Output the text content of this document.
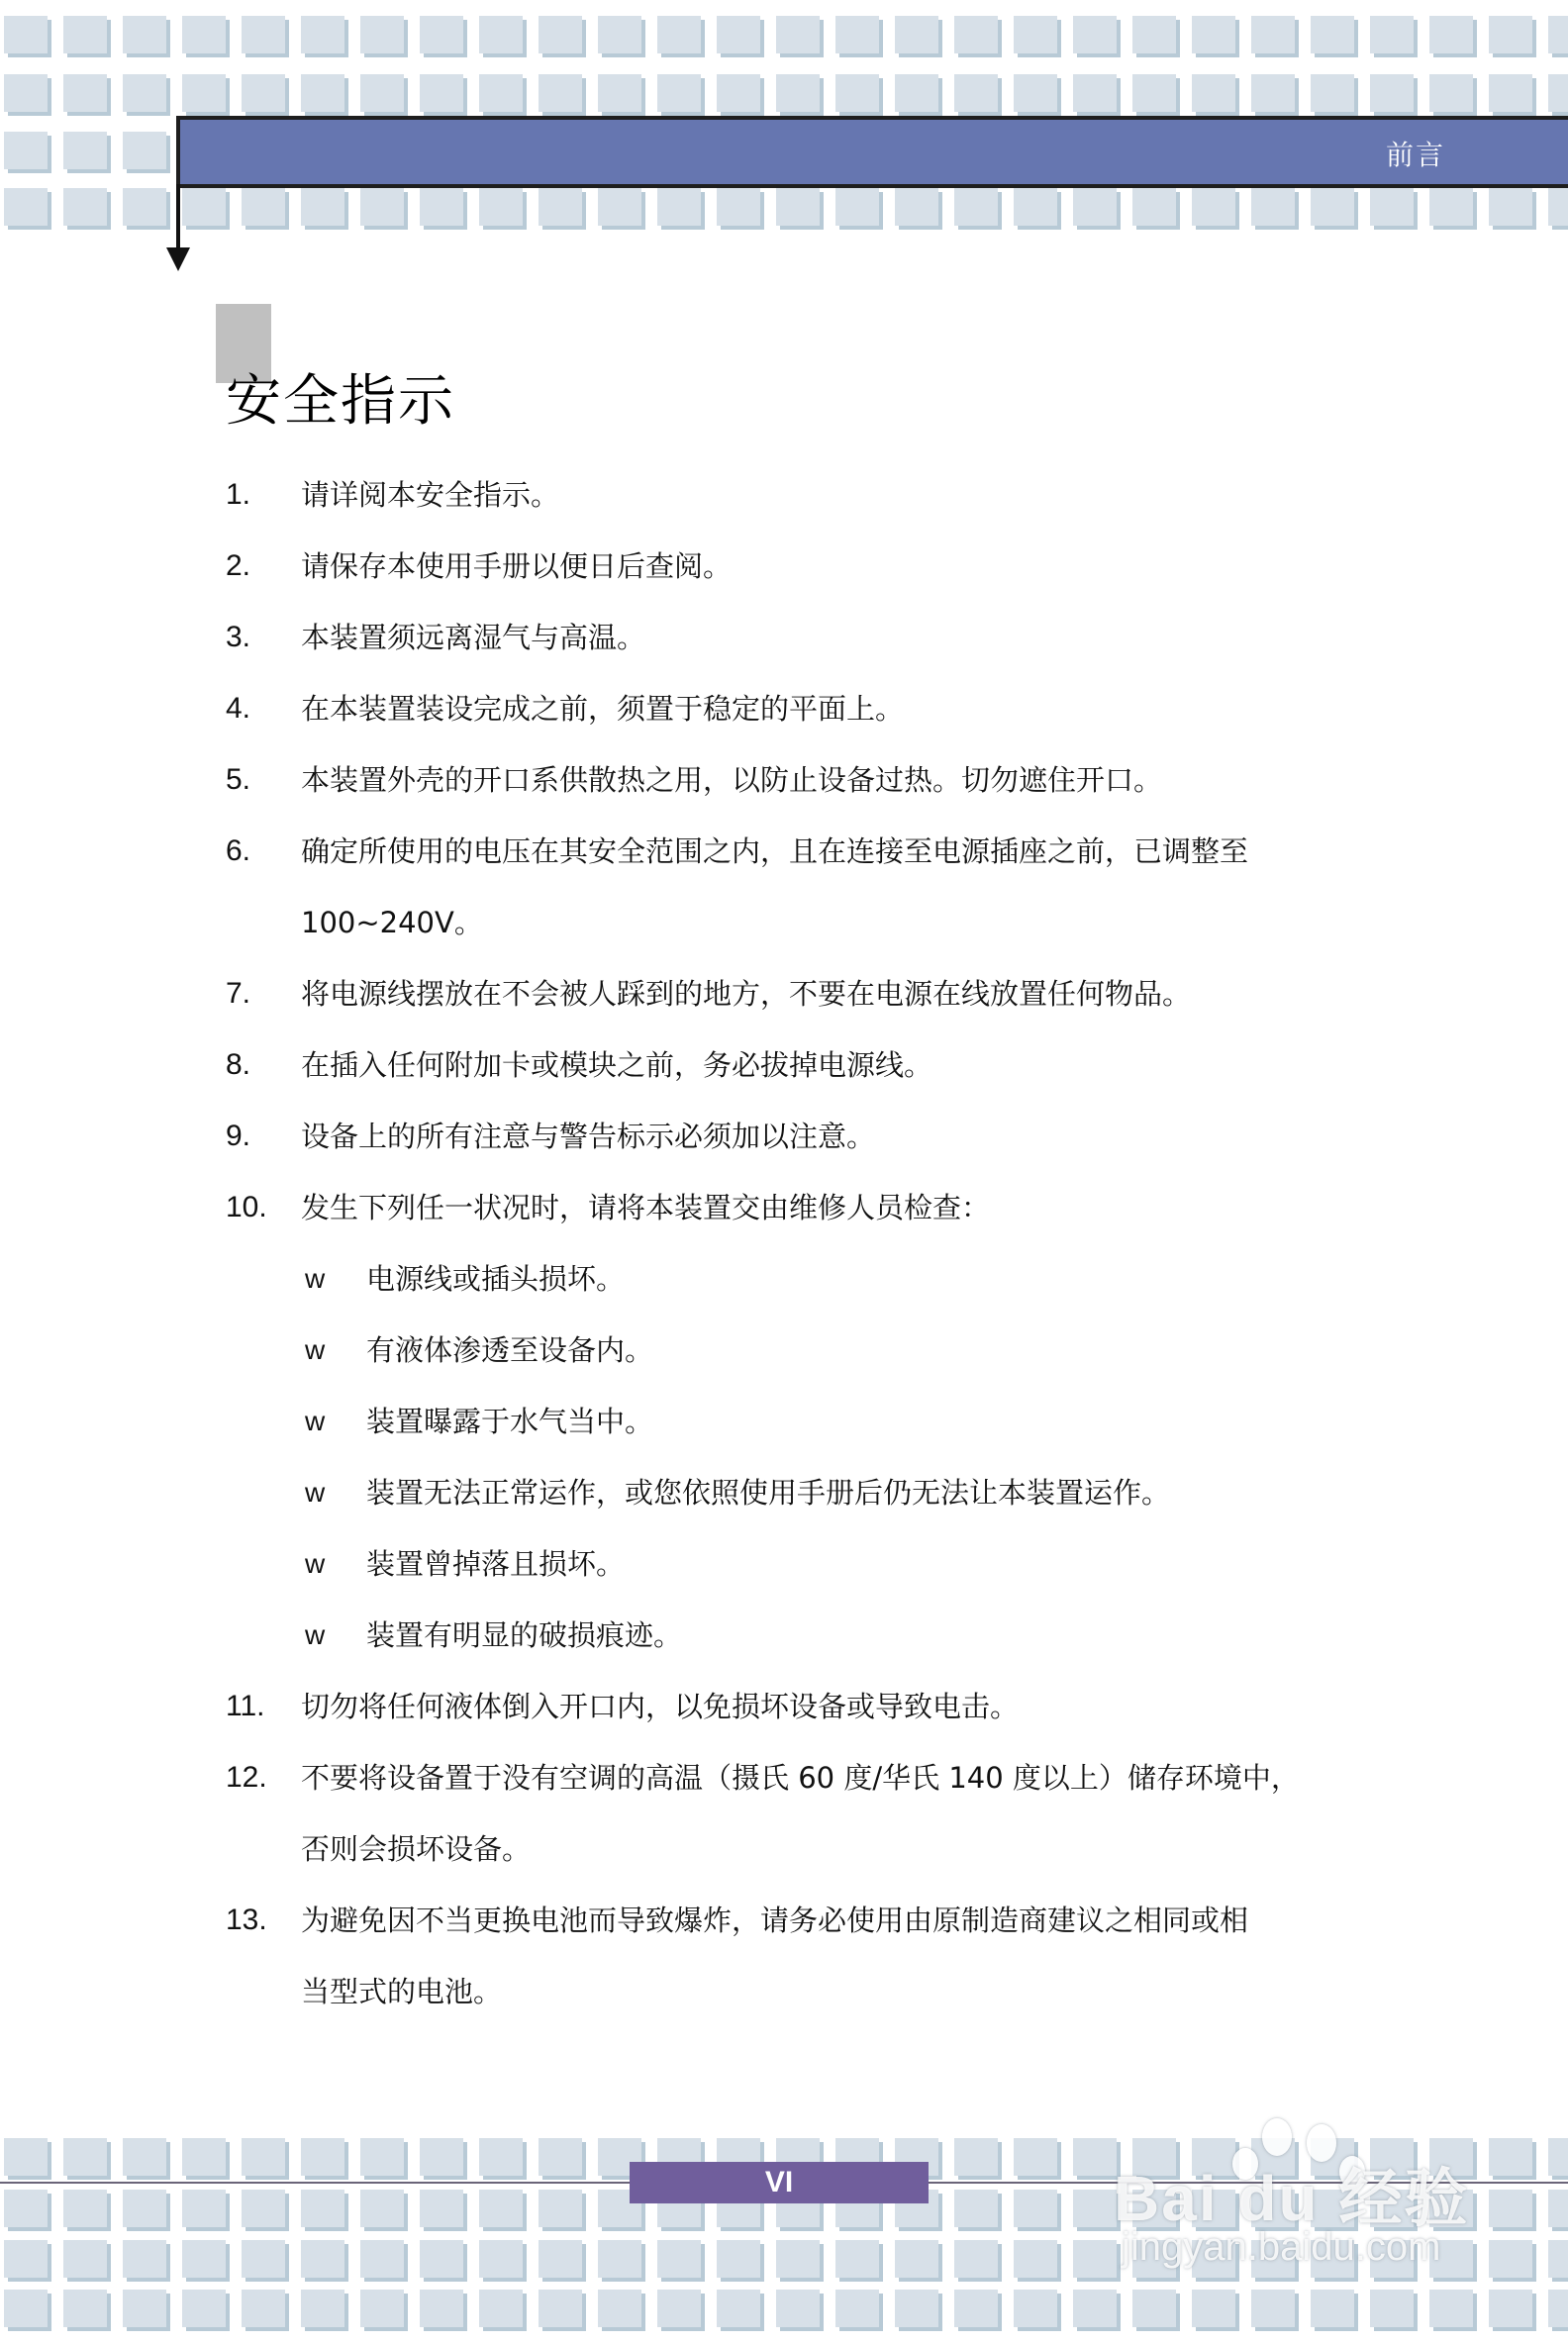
前言
安全指示
1. 请详阅本安全指示。
2. 请保存本使用手册以便日后查阅。
3. 本装置须远离湿气与高温。
4. 在本装置装设完成之前，须置于稳定的平面上。
5. 本装置外壳的开口系供散热之用，以防止设备过热。切勿遮住开口。
6. 确定所使用的电压在其安全范围之内，且在连接至电源插座之前，已调整至
100~240V。
7. 将电源线摆放在不会被人踩到的地方，不要在电源在线放置任何物品。
8. 在插入任何附加卡或模块之前，务必拔掉电源线。
9. 设备上的所有注意与警告标示必须加以注意。
10. 发生下列任一状况时，请将本装置交由维修人员检查：
w 电源线或插头损坏。
w 有液体渗透至设备内。
w 装置曝露于水气当中。
w 装置无法正常运作，或您依照使用手册后仍无法让本装置运作。
w 装置曾掉落且损坏。
w 装置有明显的破损痕迹。
11. 切勿将任何液体倒入开口内，以免损坏设备或导致电击。
12. 不要将设备置于没有空调的高温（摄氏 60 度/华氏 140 度以上）储存环境中，
否则会损坏设备。
13. 为避免因不当更换电池而导致爆炸，请务必使用由原制造商建议之相同或相
当型式的电池。
VI	Bai du 经验
jingyan.baidu.com
